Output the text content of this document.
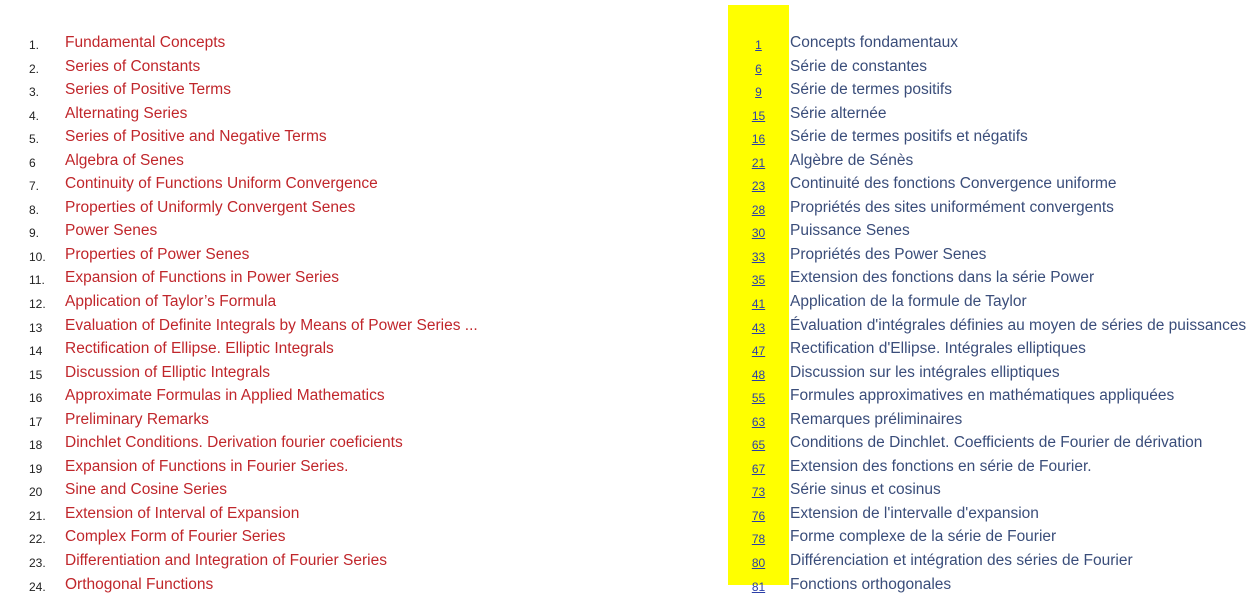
1. Fundamental Concepts	1	Concepts fondamentaux
2. Series of Constants	6	Série de constantes
3. Series of Positive Terms	9	Série de termes positifs
4. Alternating Series	15	Série alternée
5. Series of Positive and Negative Terms	16	Série de termes positifs et négatifs
6 Algebra of Senes	21	Algèbre de Sénès
7. Continuity of Functions Uniform Convergence	23	Continuité des fonctions Convergence uniforme
8. Properties of Uniformly Convergent Senes	28	Propriétés des sites uniformément convergents
9. Power Senes	30	Puissance Senes
10. Properties of Power Senes	33	Propriétés des Power Senes
11. Expansion of Functions in Power Series	35	Extension des fonctions dans la série Power
12. Application of Taylor’s Formula	41	Application de la formule de Taylor
13 Evaluation of Definite Integrals by Means of Power Series ...	43	Évaluation d'intégrales définies au moyen de séries de puissances
14 Rectification of Ellipse. Elliptic Integrals	47	Rectification d'Ellipse. Intégrales elliptiques
15 Discussion of Elliptic Integrals	48	Discussion sur les intégrales elliptiques
16 Approximate Formulas in Applied Mathematics	55	Formules approximatives en mathématiques appliquées
17 Preliminary Remarks	63	Remarques préliminaires
18 Dinchlet Conditions. Derivation fourier coeficients	65	Conditions de Dinchlet. Coefficients de Fourier de dérivation
19 Expansion of Functions in Fourier Series.	67	Extension des fonctions en série de Fourier.
20 Sine and Cosine Series	73	Série sinus et cosinus
21. Extension of Interval of Expansion	76	Extension de l'intervalle d'expansion
22. Complex Form of Fourier Series	78	Forme complexe de la série de Fourier
23. Differentiation and Integration of Fourier Series	80	Différenciation et intégration des séries de Fourier
24. Orthogonal Functions	81	Fonctions orthogonales
